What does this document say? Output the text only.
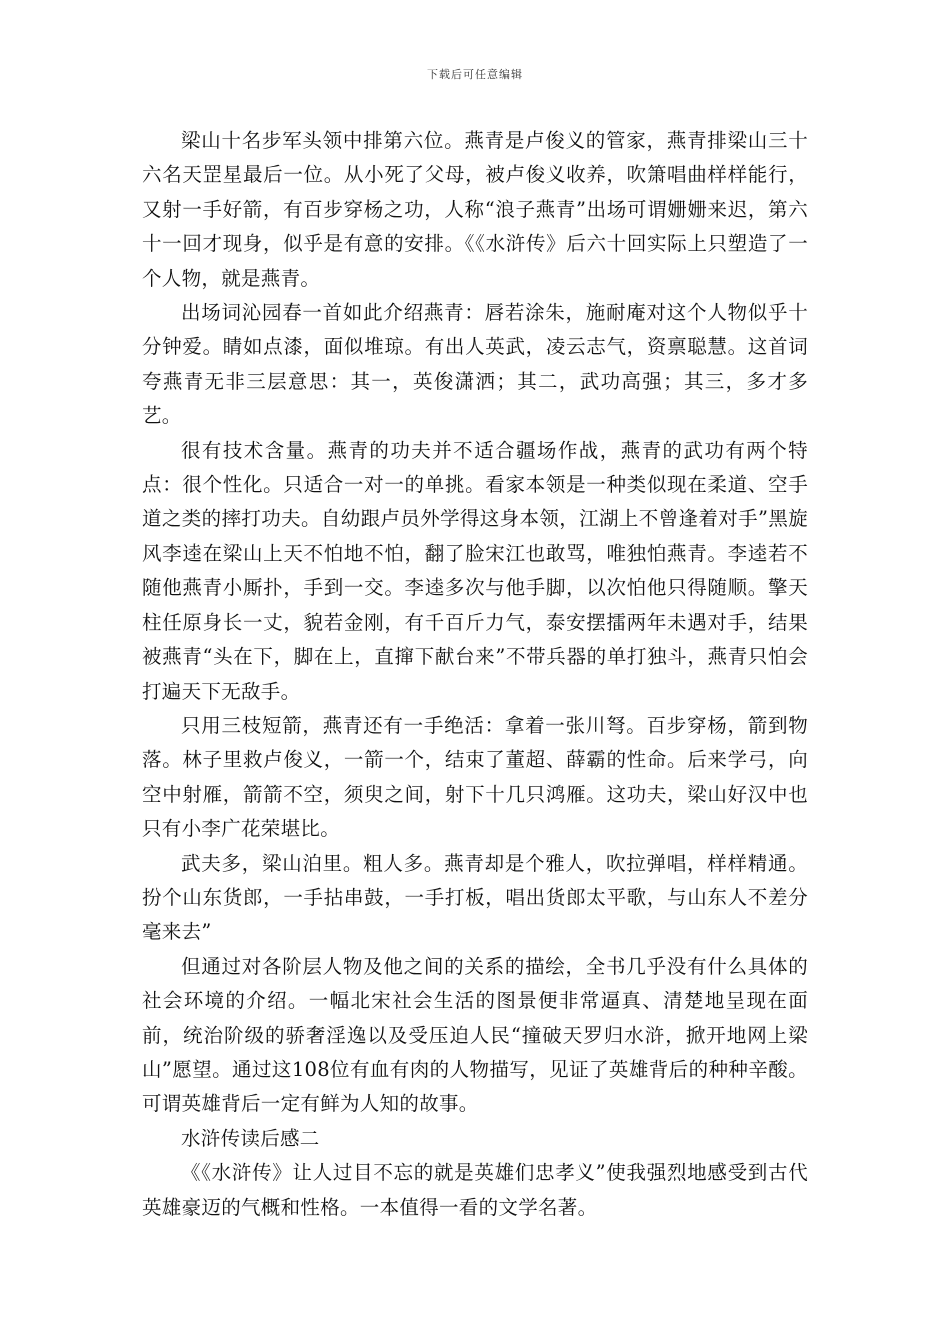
下载后可任意编辑

梁山十名步军头领中排第六位。燕青是卢俊义的管家，燕青排梁山三十六名天罡星最后一位。从小死了父母，被卢俊义收养，吹箫唱曲样样能行，又射一手好箭，有百步穿杨之功，人称“浪子燕青”出场可谓姗姗来迟，第六十一回才现身，似乎是有意的安排。《《水浒传》后六十回实际上只塑造了一个人物，就是燕青。

出场词沁园春一首如此介绍燕青：唇若涂朱，施耐庵对这个人物似乎十分钟爱。睛如点漆，面似堆琼。有出人英武，凌云志气，资禀聪慧。这首词夸燕青无非三层意思：其一，英俊潇洒；其二，武功高强；其三，多才多艺。

很有技术含量。燕青的功夫并不适合疆场作战，燕青的武功有两个特点：很个性化。只适合一对一的单挑。看家本领是一种类似现在柔道、空手道之类的摔打功夫。自幼跟卢员外学得这身本领，江湖上不曾逢着对手”黑旋风李逵在梁山上天不怕地不怕，翻了脸宋江也敢骂，唯独怕燕青。李逵若不随他燕青小厮扑，手到一交。李逵多次与他手脚，以次怕他只得随顺。擎天柱任原身长一丈，貌若金刚，有千百斤力气，泰安摆擂两年未遇对手，结果被燕青“头在下，脚在上，直撺下献台来”不带兵器的单打独斗，燕青只怕会打遍天下无敌手。

只用三枝短箭，燕青还有一手绝活：拿着一张川弩。百步穿杨，箭到物落。林子里救卢俊义，一箭一个，结束了董超、薛霸的性命。后来学弓，向空中射雁，箭箭不空，须臾之间，射下十几只鸿雁。这功夫，梁山好汉中也只有小李广花荣堪比。

武夫多，梁山泊里。粗人多。燕青却是个雅人，吹拉弹唱，样样精通。扮个山东货郎，一手拈串鼓，一手打板，唱出货郎太平歌，与山东人不差分毫来去”

但通过对各阶层人物及他之间的关系的描绘，全书几乎没有什么具体的社会环境的介绍。一幅北宋社会生活的图景便非常逼真、清楚地呈现在面前，统治阶级的骄奢淫逸以及受压迫人民“撞破天罗归水浒，掀开地网上梁山”愿望。通过这108位有血有肉的人物描写，见证了英雄背后的种种辛酸。可谓英雄背后一定有鲜为人知的故事。

水浒传读后感二

《《水浒传》让人过目不忘的就是英雄们忠孝义”使我强烈地感受到古代英雄豪迈的气概和性格。一本值得一看的文学名著。
